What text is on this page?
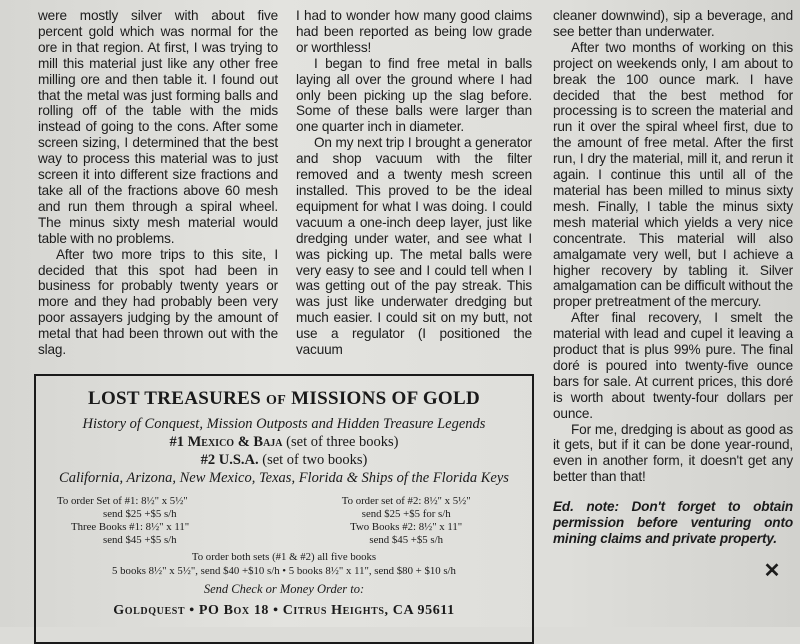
were mostly silver with about five percent gold which was normal for the ore in that region. At first, I was trying to mill this material just like any other free milling ore and then table it. I found out that the metal was just forming balls and rolling off of the table with the mids instead of going to the cons. After some screen sizing, I determined that the best way to process this material was to just screen it into different size fractions and take all of the fractions above 60 mesh and run them through a spiral wheel. The minus sixty mesh material would table with no problems.

After two more trips to this site, I decided that this spot had been in business for probably twenty years or more and they had probably been very poor assayers judging by the amount of metal that had been thrown out with the slag.

I had to wonder how many good claims had been reported as being low grade or worthless!

I began to find free metal in balls laying all over the ground where I had only been picking up the slag before. Some of these balls were larger than one quarter inch in diameter.

On my next trip I brought a generator and shop vacuum with the filter removed and a twenty mesh screen installed. This proved to be the ideal equipment for what I was doing. I could vacuum a one-inch deep layer, just like dredging under water, and see what I was picking up. The metal balls were very easy to see and I could tell when I was getting out of the pay streak. This was just like underwater dredging but much easier. I could sit on my butt, not use a regulator (I positioned the vacuum

cleaner downwind), sip a beverage, and see better than underwater.

After two months of working on this project on weekends only, I am about to break the 100 ounce mark. I have decided that the best method for processing is to screen the material and run it over the spiral wheel first, due to the amount of free metal. After the first run, I dry the material, mill it, and rerun it again. I continue this until all of the material has been milled to minus sixty mesh. Finally, I table the minus sixty mesh material which yields a very nice concentrate. This material will also amalgamate very well, but I achieve a higher recovery by tabling it. Silver amalgamation can be difficult without the proper pretreatment of the mercury.

After final recovery, I smelt the material with lead and cupel it leaving a product that is plus 99% pure. The final doré is poured into twenty-five ounce bars for sale. At current prices, this doré is worth about twenty-four dollars per ounce.

For me, dredging is about as good as it gets, but if it can be done year-round, even in another form, it doesn't get any better than that!

Ed. note: Don't forget to obtain permission before venturing onto mining claims and private property.

✕
LOST TREASURES OF MISSIONS OF GOLD
History of Conquest, Mission Outposts and Hidden Treasure Legends
#1 Mexico & Baja (set of three books)
#2 U.S.A. (set of two books)
California, Arizona, New Mexico, Texas, Florida & Ships of the Florida Keys
To order Set of #1: 8½" x 5½"
send $25 +$5 s/h
Three Books #1: 8½" x 11"
send $45 +$5 s/h
To order set of #2: 8½" x 5½"
send $25 +$5 for s/h
Two Books #2: 8½" x 11"
send $45 +$5 s/h
To order both sets (#1 & #2) all five books
5 books 8½" x 5½", send $40 +$10 s/h • 5 books 8½" x 11", send $80 + $10 s/h
Send Check or Money Order to:
Goldquest • PO Box 18 • Citrus Heights, CA 95611
